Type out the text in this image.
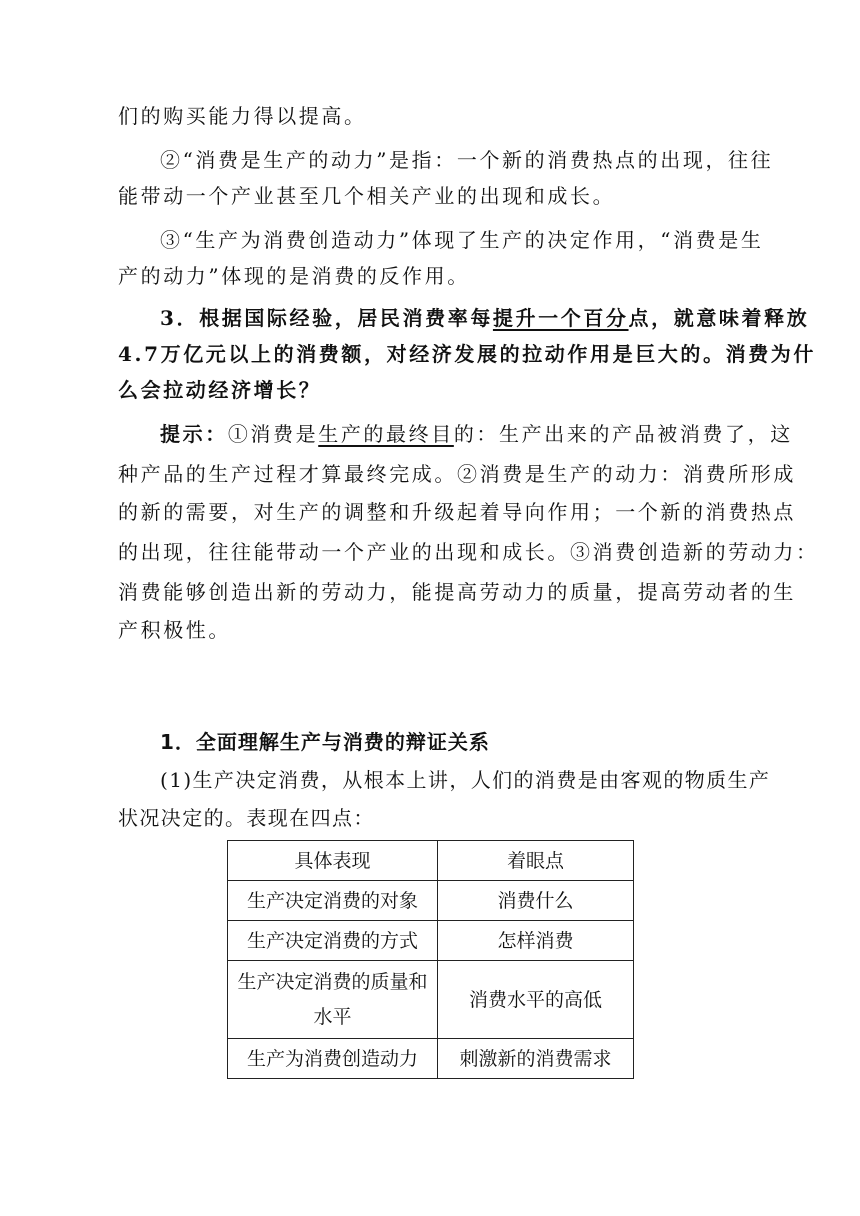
们的购买能力得以提高。
②“消费是生产的动力”是指：一个新的消费热点的出现，往往
能带动一个产业甚至几个相关产业的出现和成长。
③“生产为消费创造动力”体现了生产的决定作用，“消费是生
产的动力”体现的是消费的反作用。
3．根据国际经验，居民消费率每提升一个百分点，就意味着释放
4.7万亿元以上的消费额，对经济发展的拉动作用是巨大的。消费为什
么会拉动经济增长？
提示：①消费是生产的最终目的：生产出来的产品被消费了，这
种产品的生产过程才算最终完成。②消费是生产的动力：消费所形成
的新的需要，对生产的调整和升级起着导向作用；一个新的消费热点
的出现，往往能带动一个产业的出现和成长。③消费创造新的劳动力：
消费能够创造出新的劳动力，能提高劳动力的质量，提高劳动者的生
产积极性。
1．全面理解生产与消费的辩证关系
(1)生产决定消费，从根本上讲，人们的消费是由客观的物质生产
状况决定的。表现在四点：
具体表现	着眼点
生产决定消费的对象	消费什么
生产决定消费的方式	怎样消费

生产决定消费的质量和水平	消费水平的高低
生产为消费创造动力	刺激新的消费需求
